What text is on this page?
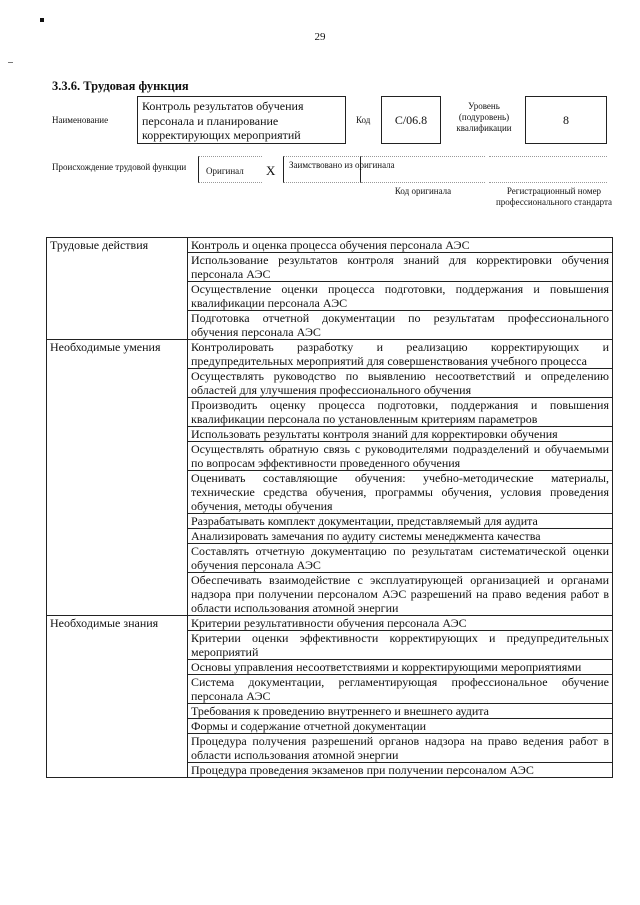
29
3.3.6. Трудовая функция
Наименование
Контроль результатов обучения персонала и планирование корректирующих мероприятий
Код	С/06.8
Уровень (подуровень) квалификации
8
Происхождение трудовой функции	Оригинал X Заимствовано из оригинала
Код оригинала	Регистрационный номер профессионального стандарта
Трудовые действия	Контроль и оценка процесса обучения персонала АЭС
	Использование результатов контроля знаний для корректировки обучения персонала АЭС
	Осуществление оценки процесса подготовки, поддержания и повышения квалификации персонала АЭС
	Подготовка отчетной документации по результатам профессионального обучения персонала АЭС
Необходимые умения	Контролировать разработку и реализацию корректирующих и предупредительных мероприятий для совершенствования учебного процесса
	Осуществлять руководство по выявлению несоответствий и определению областей для улучшения профессионального обучения
	Производить оценку процесса подготовки, поддержания и повышения квалификации персонала по установленным критериям параметров
	Использовать результаты контроля знаний для корректировки обучения
	Осуществлять обратную связь с руководителями подразделений и обучаемыми по вопросам эффективности проведенного обучения
	Оценивать составляющие обучения: учебно-методические материалы, технические средства обучения, программы обучения, условия проведения обучения, методы обучения
	Разрабатывать комплект документации, представляемый для аудита
	Анализировать замечания по аудиту системы менеджмента качества
	Составлять отчетную документацию по результатам систематической оценки обучения персонала АЭС
	Обеспечивать взаимодействие с эксплуатирующей организацией и органами надзора при получении персоналом АЭС разрешений на право ведения работ в области использования атомной энергии
Необходимые знания	Критерии результативности обучения персонала АЭС
	Критерии оценки эффективности корректирующих и предупредительных мероприятий
	Основы управления несоответствиями и корректирующими мероприятиями
	Система документации, регламентирующая профессиональное обучение персонала АЭС
	Требования к проведению внутреннего и внешнего аудита
	Формы и содержание отчетной документации
	Процедура получения разрешений органов надзора на право ведения работ в области использования атомной энергии
	Процедура проведения экзаменов при получении персоналом АЭС
